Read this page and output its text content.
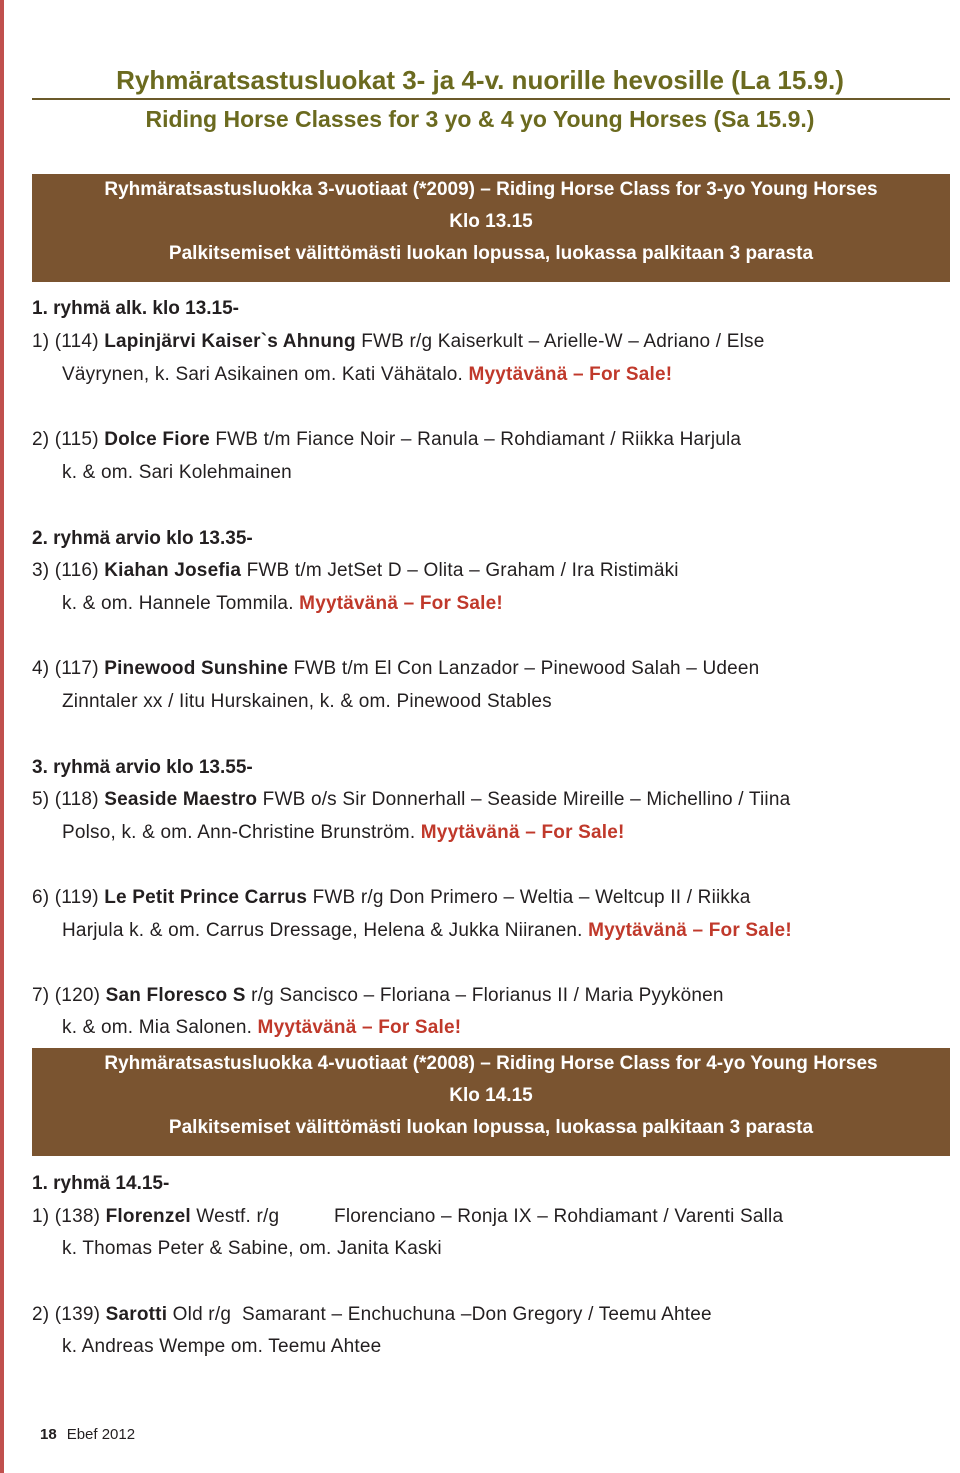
Ryhmäratsastusluokat 3- ja 4-v. nuorille hevosille (La 15.9.)
Riding Horse Classes for 3 yo & 4 yo Young Horses (Sa 15.9.)
Ryhmäratsastusluokka 3-vuotiaat (*2009) – Riding Horse Class for 3-yo Young Horses
Klo 13.15
Palkitsemiset välittömästi luokan lopussa, luokassa palkitaan 3 parasta
1. ryhmä alk. klo 13.15-
1) (114) Lapinjärvi Kaiser`s Ahnung FWB r/g Kaiserkult – Arielle-W – Adriano / Else
Väyrynen, k. Sari Asikainen om. Kati Vähätalo. Myytävänä – For Sale!
2) (115) Dolce Fiore FWB t/m Fiance Noir – Ranula – Rohdiamant / Riikka Harjula
k. & om. Sari Kolehmainen
2. ryhmä arvio klo 13.35-
3) (116) Kiahan Josefia FWB t/m JetSet D – Olita – Graham / Ira Ristimäki
k. & om. Hannele Tommila. Myytävänä – For Sale!
4) (117) Pinewood Sunshine FWB t/m El Con Lanzador – Pinewood Salah – Udeen
Zinntaler xx / Iitu Hurskainen, k. & om. Pinewood Stables
3. ryhmä arvio klo 13.55-
5) (118) Seaside Maestro FWB o/s Sir Donnerhall – Seaside Mireille – Michellino / Tiina
Polso, k. & om. Ann-Christine Brunström. Myytävänä – For Sale!
6) (119) Le Petit Prince Carrus FWB r/g Don Primero – Weltia – Weltcup II / Riikka
Harjula k. & om. Carrus Dressage, Helena & Jukka Niiranen. Myytävänä – For Sale!
7) (120) San Floresco S r/g Sancisco – Floriana – Florianus II / Maria Pyykönen
k. & om. Mia Salonen. Myytävänä – For Sale!
Ryhmäratsastusluokka 4-vuotiaat (*2008) – Riding Horse Class for 4-yo Young Horses
Klo 14.15
Palkitsemiset välittömästi luokan lopussa, luokassa palkitaan 3 parasta
1. ryhmä 14.15-
1) (138) Florenzel Westf. r/g          Florenciano – Ronja IX – Rohdiamant / Varenti Salla
k. Thomas Peter & Sabine, om. Janita Kaski
2) (139) Sarotti Old r/g  Samarant – Enchuchuna –Don Gregory / Teemu Ahtee
k. Andreas Wempe om. Teemu Ahtee
18 Ebef 2012
